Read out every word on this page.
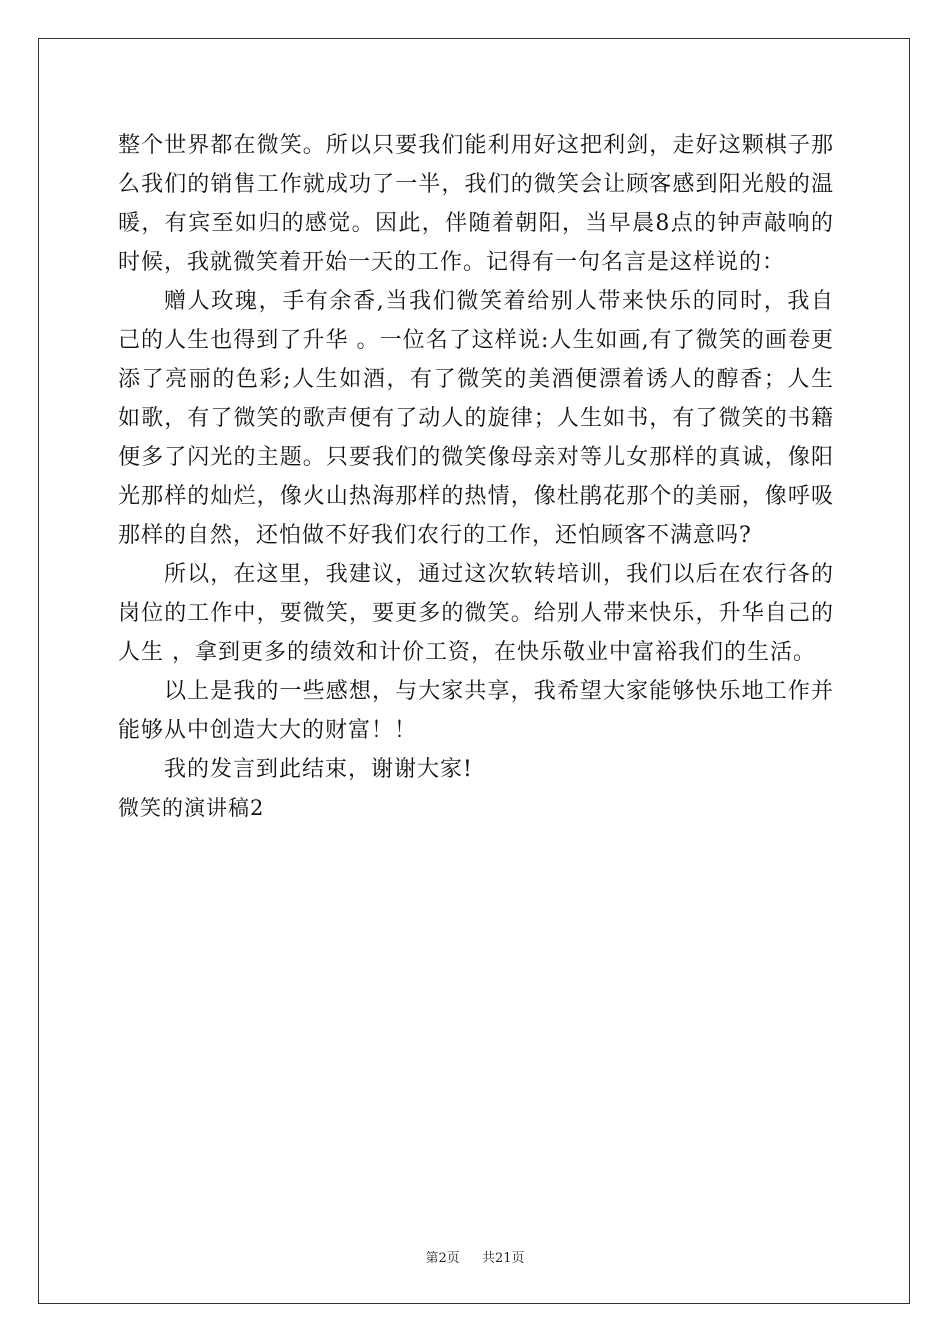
整个世界都在微笑。所以只要我们能利用好这把利剑，走好这颗棋子那么我们的销售工作就成功了一半，我们的微笑会让顾客感到阳光般的温暖，有宾至如归的感觉。因此，伴随着朝阳，当早晨8点的钟声敲响的时候，我就微笑着开始一天的工作。记得有一句名言是这样说的：

赠人玫瑰，手有余香,当我们微笑着给别人带来快乐的同时，我自己的人生也得到了升华 。一位名了这样说:人生如画,有了微笑的画卷更添了亮丽的色彩;人生如酒，有了微笑的美酒便漂着诱人的醇香；人生如歌，有了微笑的歌声便有了动人的旋律；人生如书，有了微笑的书籍便多了闪光的主题。只要我们的微笑像母亲对等儿女那样的真诚，像阳光那样的灿烂，像火山热海那样的热情，像杜鹃花那个的美丽，像呼吸那样的自然，还怕做不好我们农行的工作，还怕顾客不满意吗?

所以，在这里，我建议，通过这次软转培训，我们以后在农行各的岗位的工作中，要微笑，要更多的微笑。给别人带来快乐，升华自己的人生 ，拿到更多的绩效和计价工资，在快乐敬业中富裕我们的生活。

以上是我的一些感想，与大家共享，我希望大家能够快乐地工作并能够从中创造大大的财富！！

我的发言到此结束，谢谢大家!

微笑的演讲稿2

第2页 共21页
